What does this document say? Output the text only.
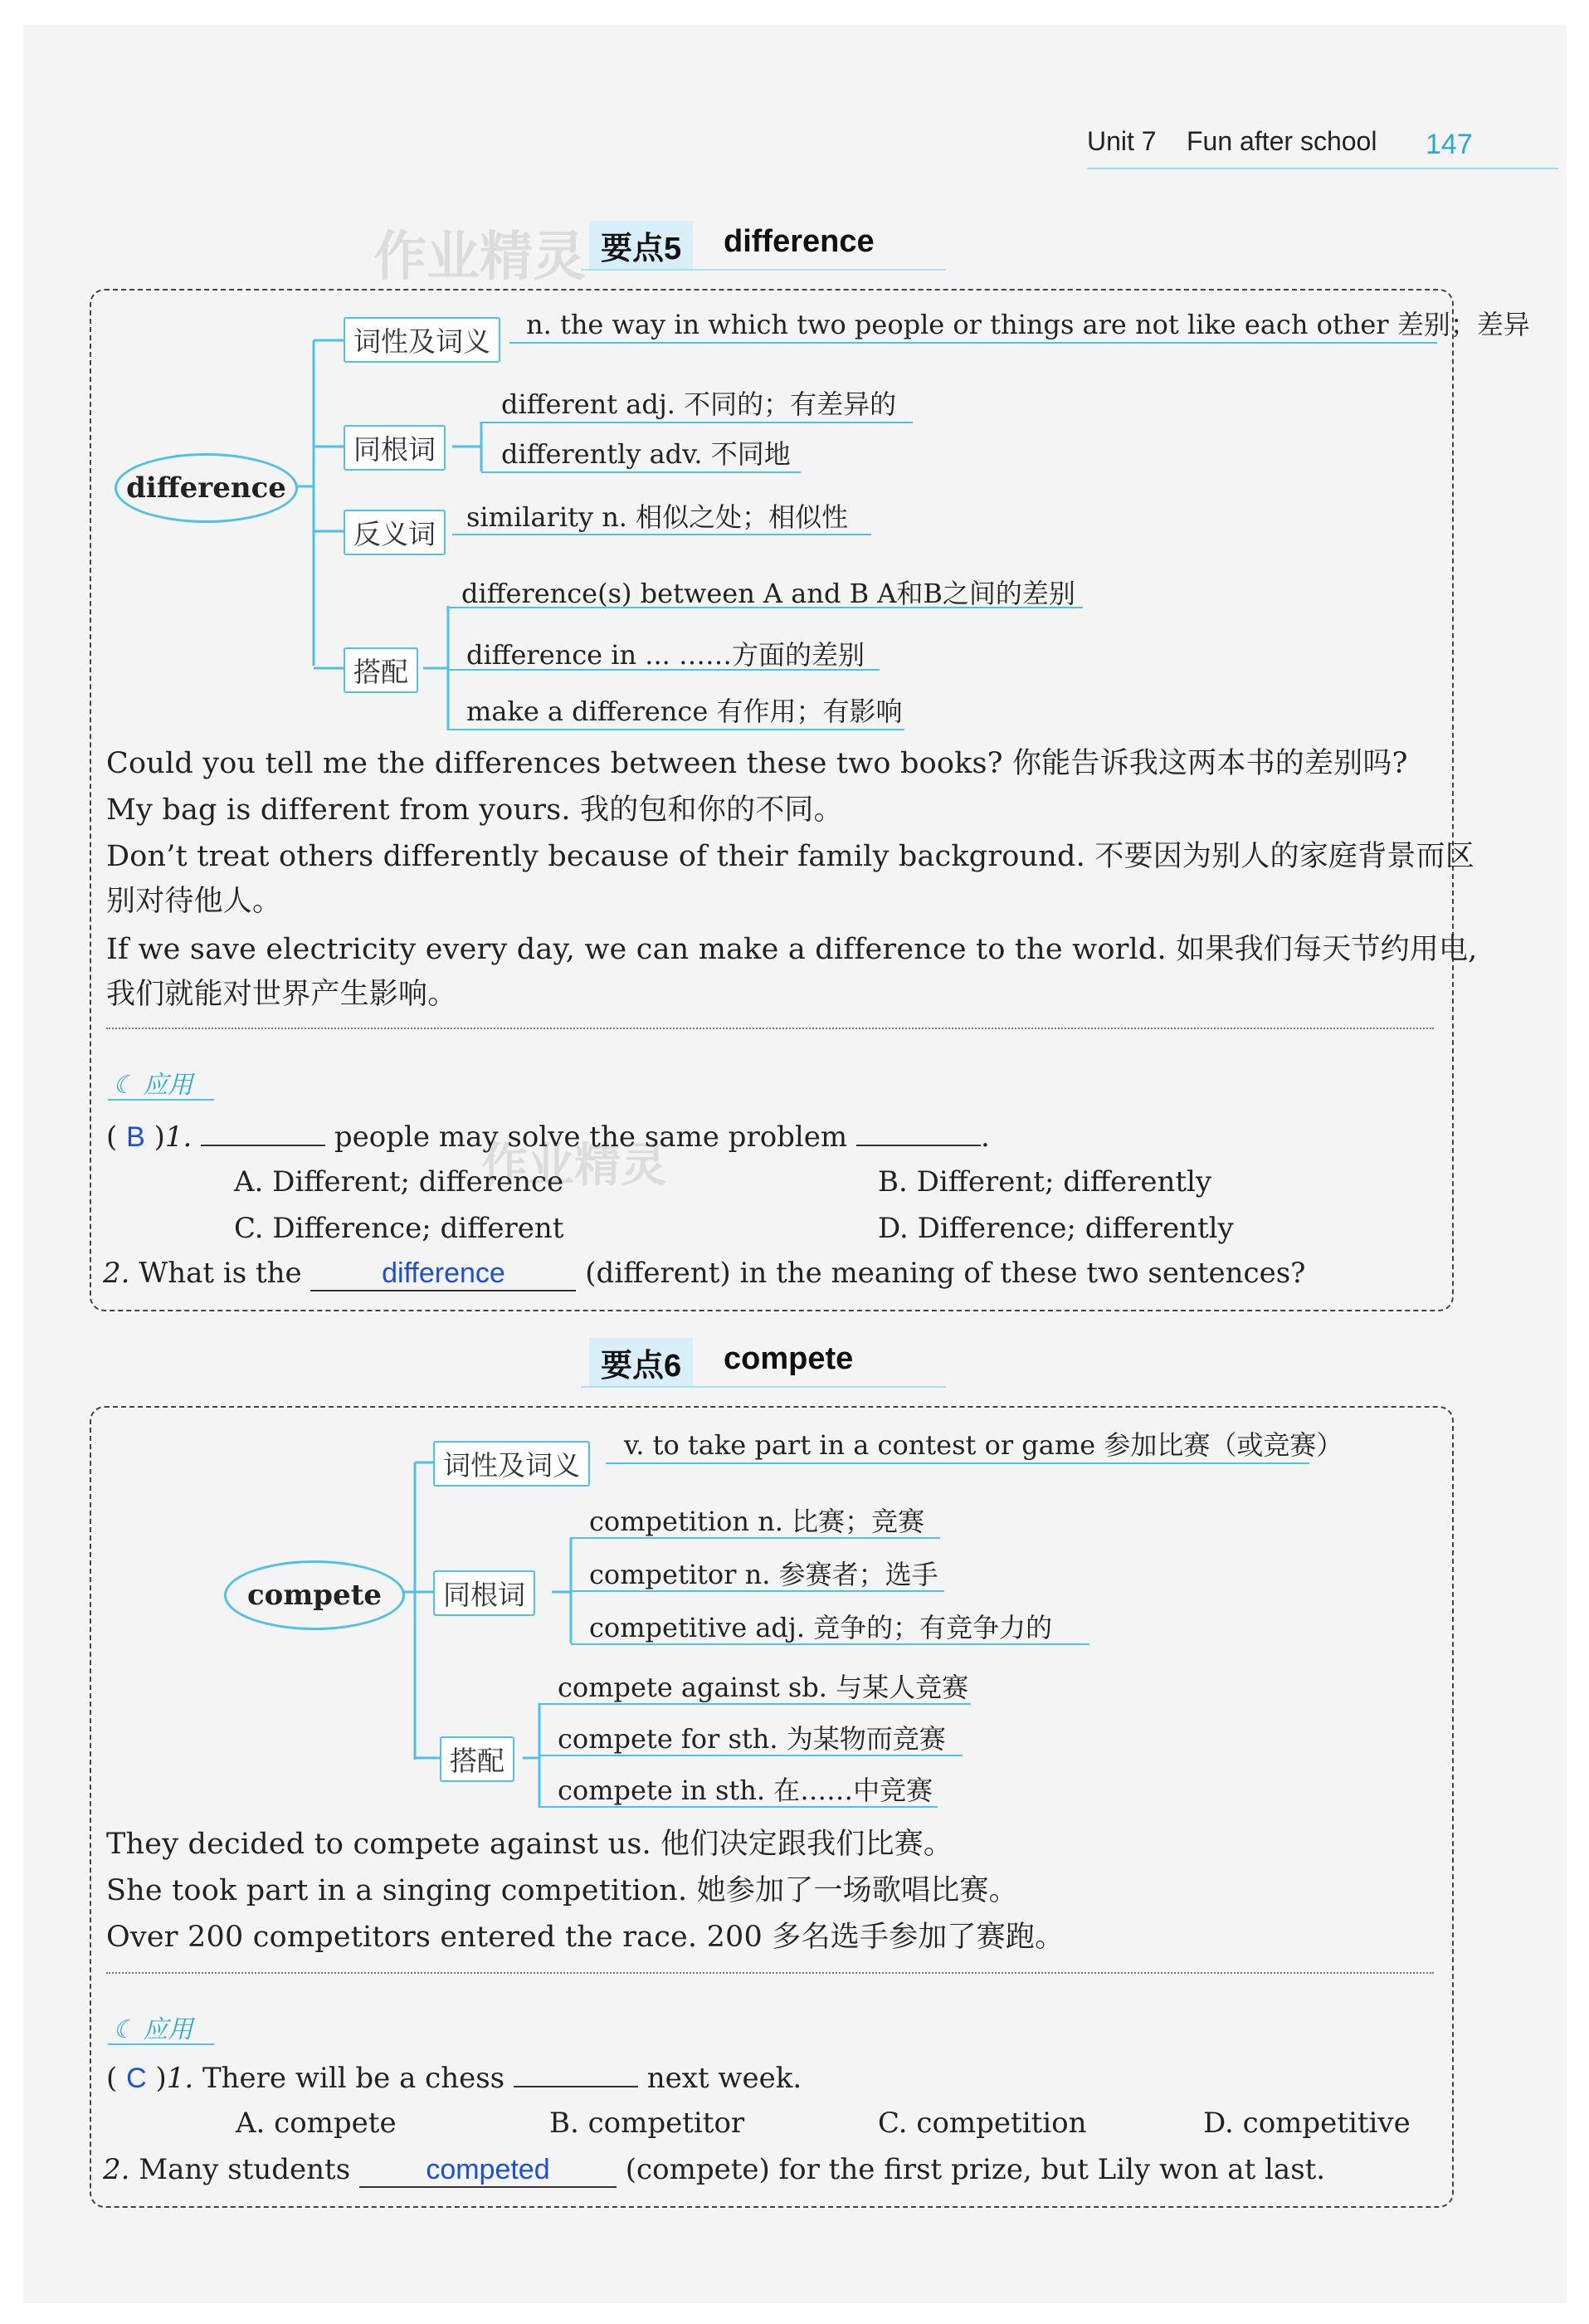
Unit 7 Fun after school 147
作业精灵
作业精灵
要点5	difference
difference
词性及词义
n. the way in which two people or things are not like each other 差别；差异
同根词
different adj. 不同的；有差异的
differently adv. 不同地
反义词
similarity n. 相似之处；相似性
搭配
difference(s) between A and B A和B之间的差别
difference in ... ……方面的差别
make a difference 有作用；有影响
Could you tell me the differences between these two books? 你能告诉我这两本书的差别吗?
My bag is different from yours. 我的包和你的不同。
Don’t treat others differently because of their family background. 不要因为别人的家庭背景而区
别对待他人。
If we save electricity every day, we can make a difference to the world. 如果我们每天节约用电,
我们就能对世界产生影响。
☾ 应用
( B )1.	people may solve the same problem	.
A. Different; difference	B. Different; differently
C. Difference; different	D. Difference; differently
2. What is the	difference	(different) in the meaning of these two sentences?
要点6	compete
compete
词性及词义
v. to take part in a contest or game 参加比赛（或竞赛）
同根词
competition n. 比赛；竞赛
competitor n. 参赛者；选手
competitive adj. 竞争的；有竞争力的
搭配
compete against sb. 与某人竞赛
compete for sth. 为某物而竞赛
compete in sth. 在……中竞赛
They decided to compete against us. 他们决定跟我们比赛。
She took part in a singing competition. 她参加了一场歌唱比赛。
Over 200 competitors entered the race. 200 多名选手参加了赛跑。
☾ 应用
( C )1. There will be a chess	next week.
A. compete	B. competitor	C. competition	D. competitive
2. Many students	competed	(compete) for the first prize, but Lily won at last.
